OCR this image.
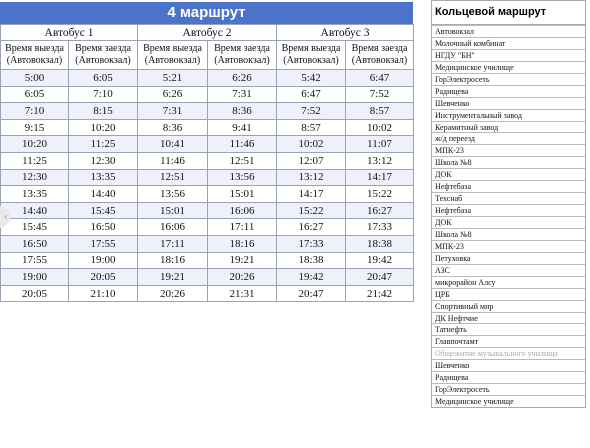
4 маршрут
Автобус 1		Автобус 2		Автобус 3	
Время выезда (Автовокзал)	Время заезда (Автовокзал)	Время выезда (Автовокзал)	Время заезда (Автовокзал)	Время выезда (Автовокзал)	Время заезда (Автовокзал)
5:00	6:05	5:21	6:26	5:42	6:47
6:05	7:10	6:26	7:31	6:47	7:52
7:10	8:15	7:31	8:36	7:52	8:57
9:15	10:20	8:36	9:41	8:57	10:02
10:20	11:25	10:41	11:46	10:02	11:07
11:25	12:30	11:46	12:51	12:07	13:12
12:30	13:35	12:51	13:56	13:12	14:17
13:35	14:40	13:56	15:01	14:17	15:22
14:40	15:45	15:01	16:06	15:22	16:27
15:45	16:50	16:06	17:11	16:27	17:33
16:50	17:55	17:11	18:16	17:33	18:38
17:55	19:00	18:16	19:21	18:38	19:42
19:00	20:05	19:21	20:26	19:42	20:47
20:05	21:10	20:26	21:31	20:47	21:42
‹
Кольцевой маршрут
Автовокзал
Молочный комбинат
НГДУ "БН"
Медицинское училище
ГорЭлектросеть
Радищева
Шевченко
Инструментальный завод
Керамитный завод
ж/д переезд
МПК-23
Школа №8
ДОК
Нефтебаза
Техснаб
Нефтебаза
ДОК
Школа №8
МПК-23
Петуховка
АЗС
микрорайон Алсу
ЦРБ
Спортивный мир
ДК Нефтчие
Татнефть
Главпочтамт
Общежитие музыкального училища
Шевченко
Радищева
ГорЭлектросеть
Медицинское училище
